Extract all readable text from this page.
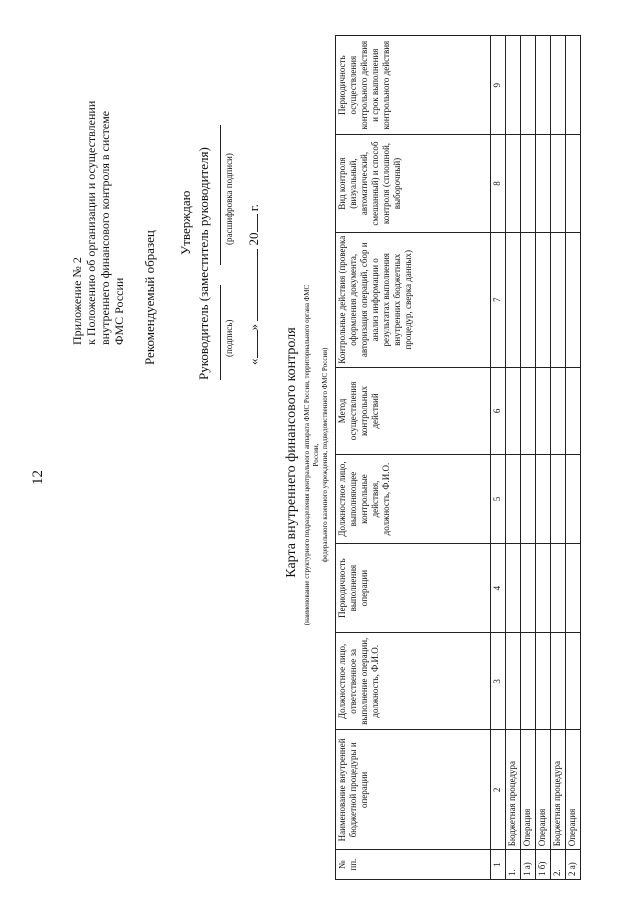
12
Приложение № 2 к Положению об организации и осуществлении внутреннего финансового контроля в системе ФМС России Рекомендуемый образец
Утверждаю Руководитель (заместитель руководителя) (подпись)
(расшифровка подписи)
«»  20 г.
Карта внутреннего финансового контроля (наименование структурного подразделения центрального аппарата ФМС России, территориального органа ФМС России, федерального казенного учреждения, подведомственного ФМС России)
№ пп.	Наименование внутренней бюджетной процедуры и операции	Должностное лицо, ответственное за выполнение операции, должность, Ф.И.О.	Периодичность выполнения операции	Должностное лицо, выполняющее контрольные действия, должность, Ф.И.О.	Метод осуществления контрольных действий	Контрольные действия (проверка оформления документа, авторизация операций, сбор и анализ информации о результатах выполнения внутренних бюджетных процедур, сверка данных)	Вид контроля (визуальный, автоматический, смешанный) и способ контроля (сплошной, выборочный)	Периодичность осуществления контрольного действия и срок выполнения контрольного действия
1	2	3	4	5	6	7	8	9
1.	Бюджетная процедура							
1 а)	Операция							
1 б)	Операция							
2.	Бюджетная процедура							
2 а)	Операция							
